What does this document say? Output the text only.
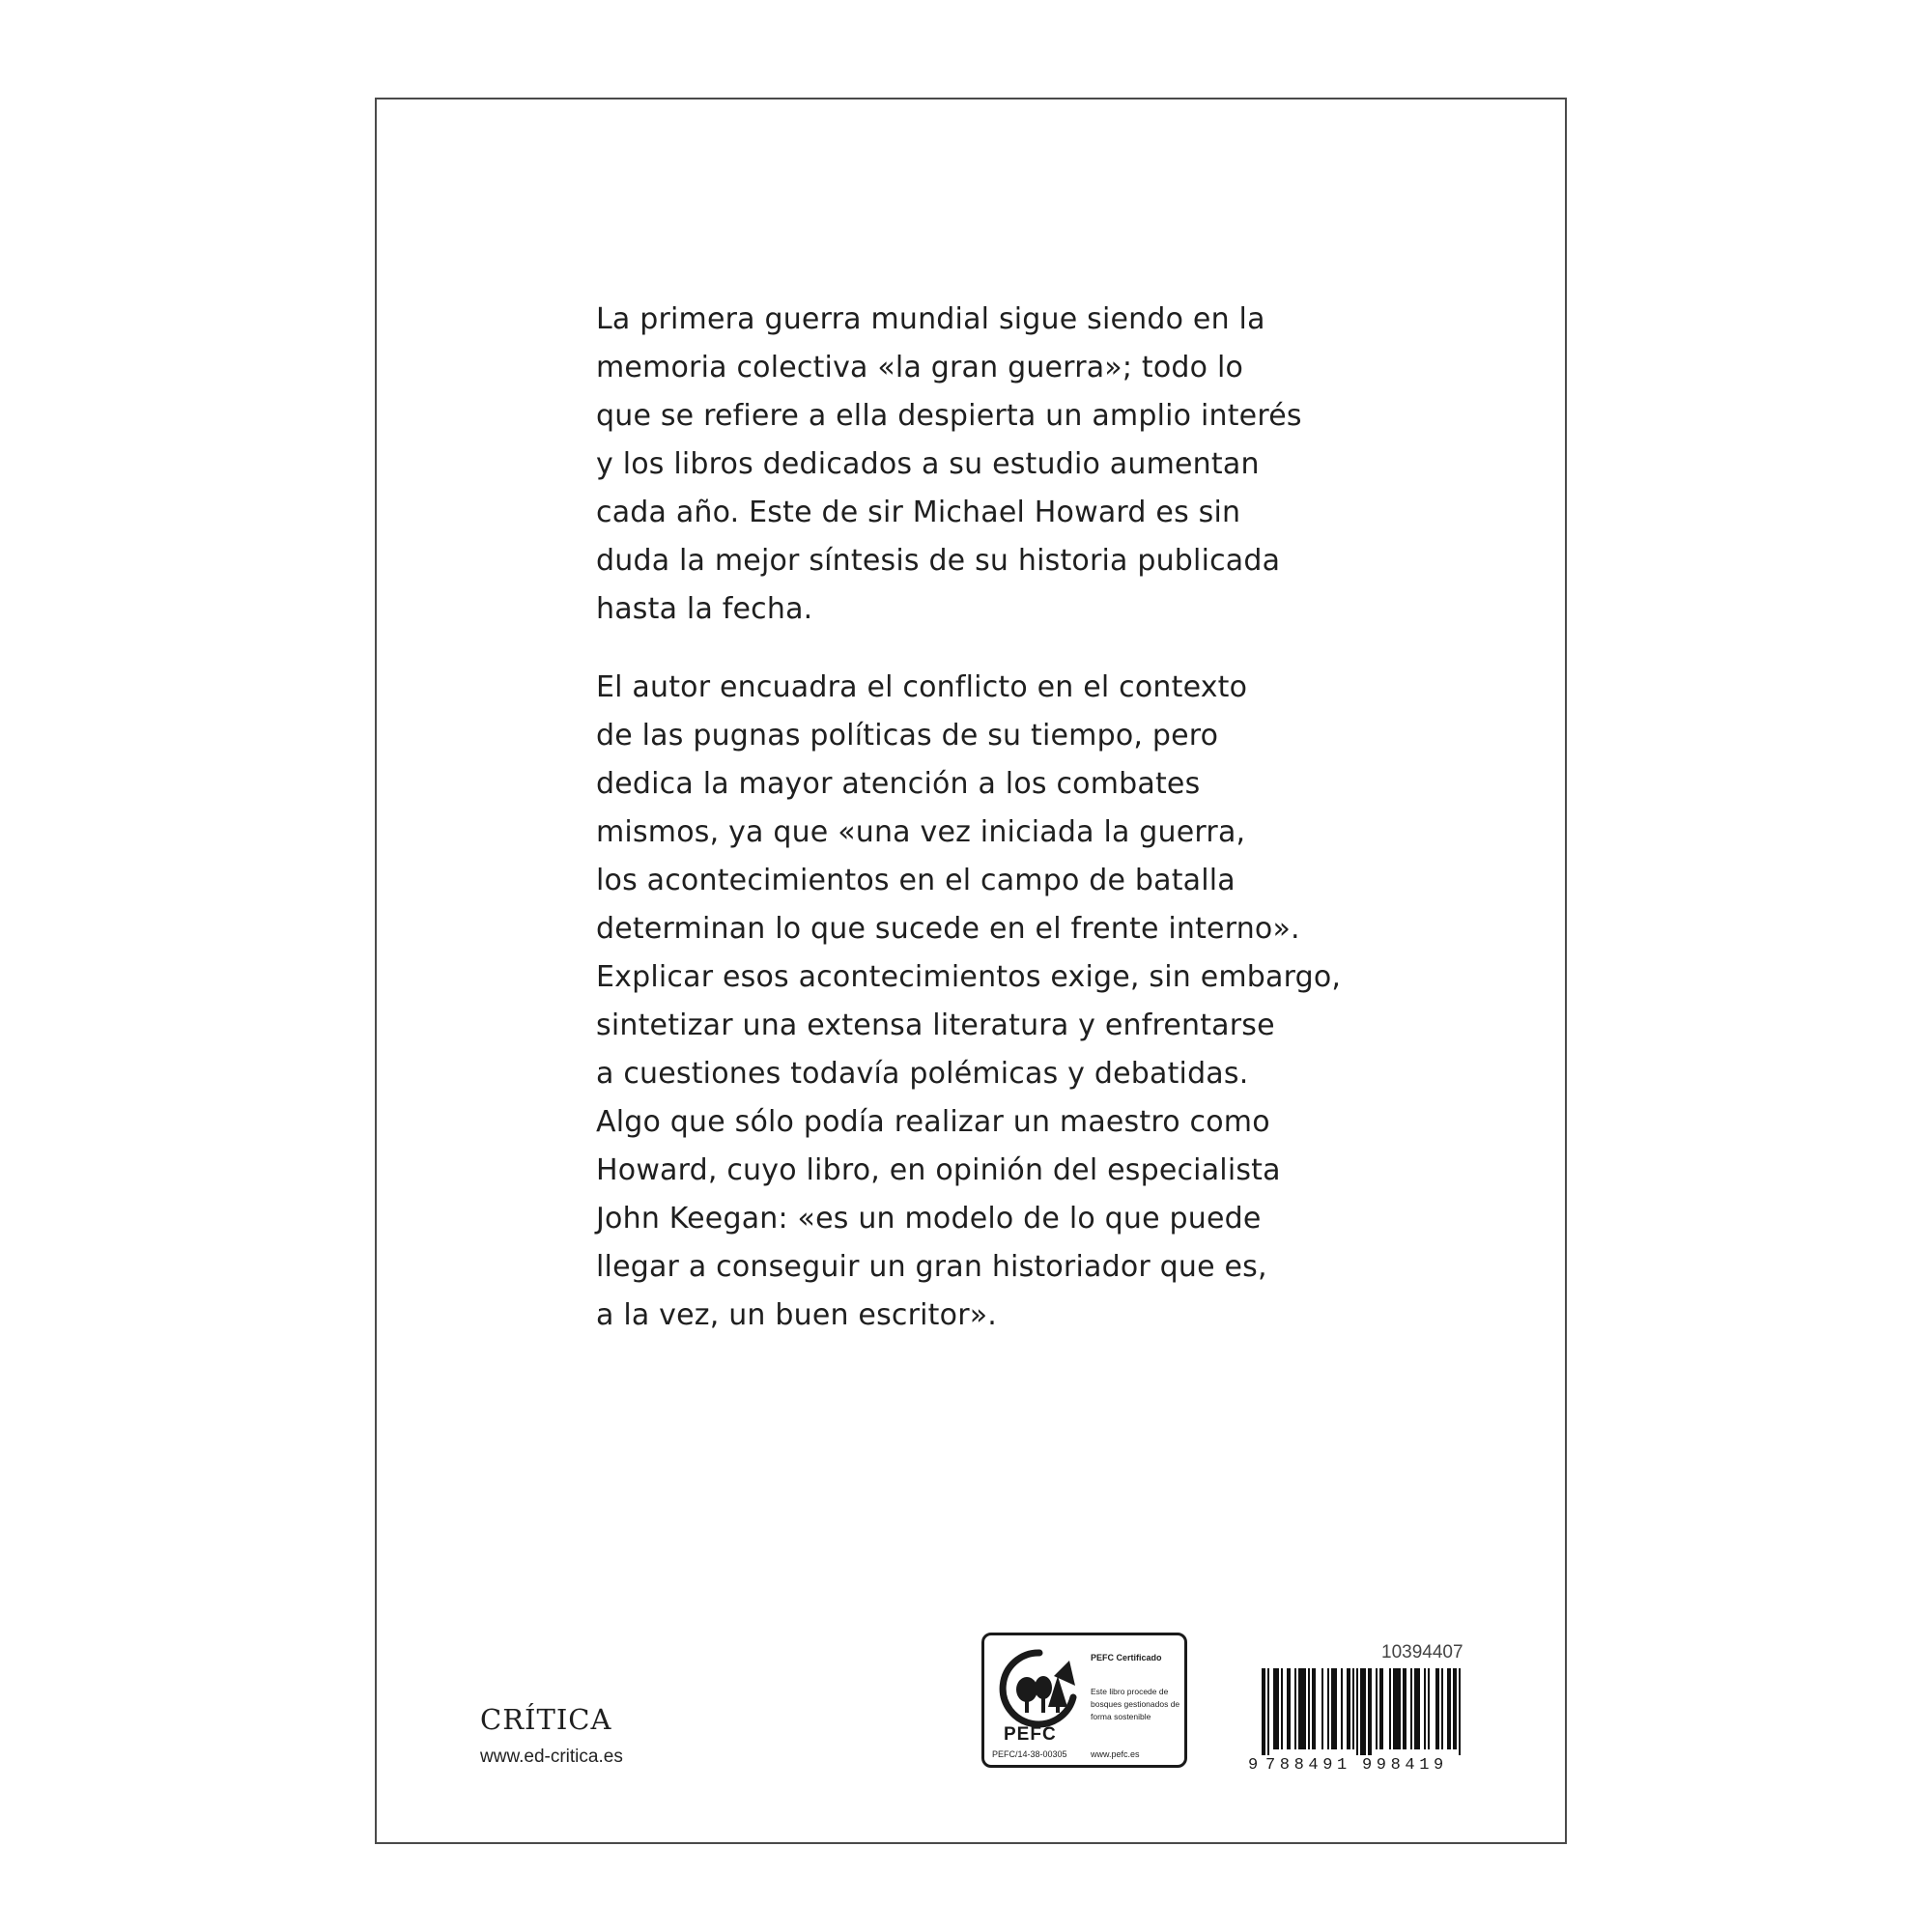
La primera guerra mundial sigue siendo en la
memoria colectiva «la gran guerra»; todo lo
que se refiere a ella despierta un amplio interés
y los libros dedicados a su estudio aumentan
cada año. Este de sir Michael Howard es sin
duda la mejor síntesis de su historia publicada
hasta la fecha.
El autor encuadra el conflicto en el contexto
de las pugnas políticas de su tiempo, pero
dedica la mayor atención a los combates
mismos, ya que «una vez iniciada la guerra,
los acontecimientos en el campo de batalla
determinan lo que sucede en el frente interno».
Explicar esos acontecimientos exige, sin embargo,
sintetizar una extensa literatura y enfrentarse
a cuestiones todavía polémicas y debatidas.
Algo que sólo podía realizar un maestro como
Howard, cuyo libro, en opinión del especialista
John Keegan: «es un modelo de lo que puede
llegar a conseguir un gran historiador que es,
a la vez, un buen escritor».
CRÍTICA
www.ed-critica.es
PEFC
PEFC/14-38-00305
PEFC Certificado
Este libro procede de bosques gestionados de forma sostenible
www.pefc.es
10394407
9 788491 998419
